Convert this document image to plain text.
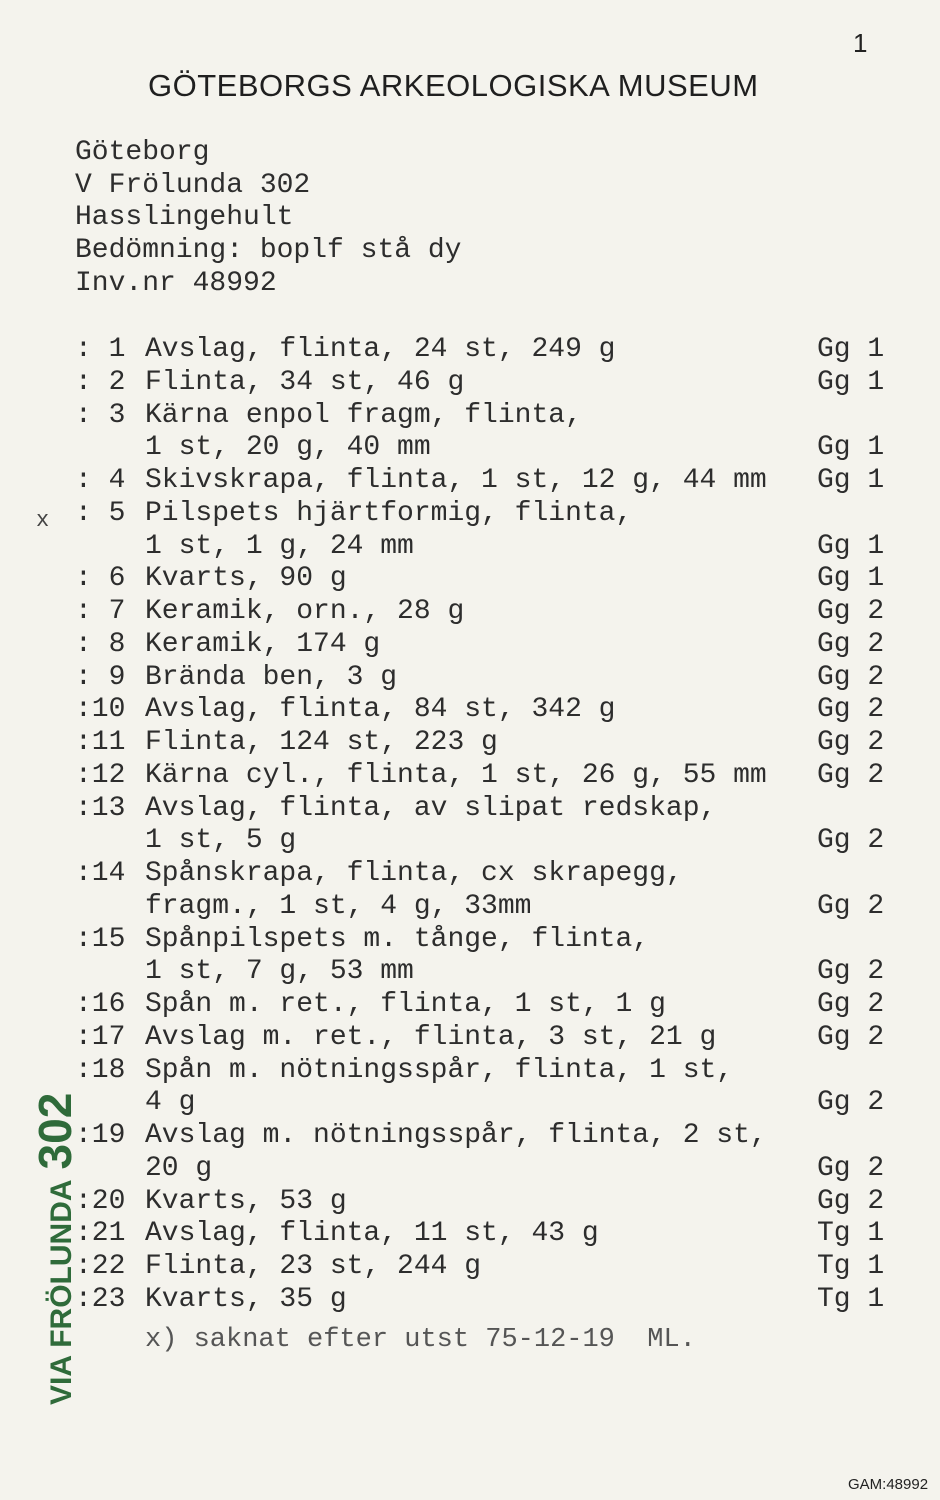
1
GÖTEBORGS ARKEOLOGISKA MUSEUM
Göteborg
V Frölunda 302
Hasslingehult
Bedömning: boplf stå dy
Inv.nr 48992
: 1 Avslag, flinta, 24 st, 249 g	Gg 1
: 2 Flinta, 34 st, 46 g	Gg 1
: 3 Kärna enpol fragm, flinta,
1 st, 20 g, 40 mm	Gg 1
: 4 Skivskrapa, flinta, 1 st, 12 g, 44 mm Gg 1
: 5 Pilspets hjärtformig, flinta,
1 st, 1 g, 24 mm	Gg 1
: 6 Kvarts, 90 g	Gg 1
: 7 Keramik, orn., 28 g	Gg 2
: 8 Keramik, 174 g	Gg 2
: 9 Brända ben, 3 g	Gg 2
:10 Avslag, flinta, 84 st, 342 g	Gg 2
:11 Flinta, 124 st, 223 g	Gg 2
:12 Kärna cyl., flinta, 1 st, 26 g, 55 mm Gg 2
:13 Avslag, flinta, av slipat redskap,
1 st, 5 g	Gg 2
:14 Spånskrapa, flinta, cx skrapegg,
fragm., 1 st, 4 g, 33mm	Gg 2
:15 Spånpilspets m. tånge, flinta,
1 st, 7 g, 53 mm	Gg 2
:16 Spån m. ret., flinta, 1 st, 1 g	Gg 2
:17 Avslag m. ret., flinta, 3 st, 21 g	Gg 2
:18 Spån m. nötningsspår, flinta, 1 st,
4 g	Gg 2
:19 Avslag m. nötningsspår, flinta, 2 st,
20 g	Gg 2
:20 Kvarts, 53 g	Gg 2
:21 Avslag, flinta, 11 st, 43 g	Tg 1
:22 Flinta, 23 st, 244 g	Tg 1
:23 Kvarts, 35 g	Tg 1
x
x) saknat efter utst 75-12-19  ML.
VIA FRÖLUNDA302
GAM:48992
